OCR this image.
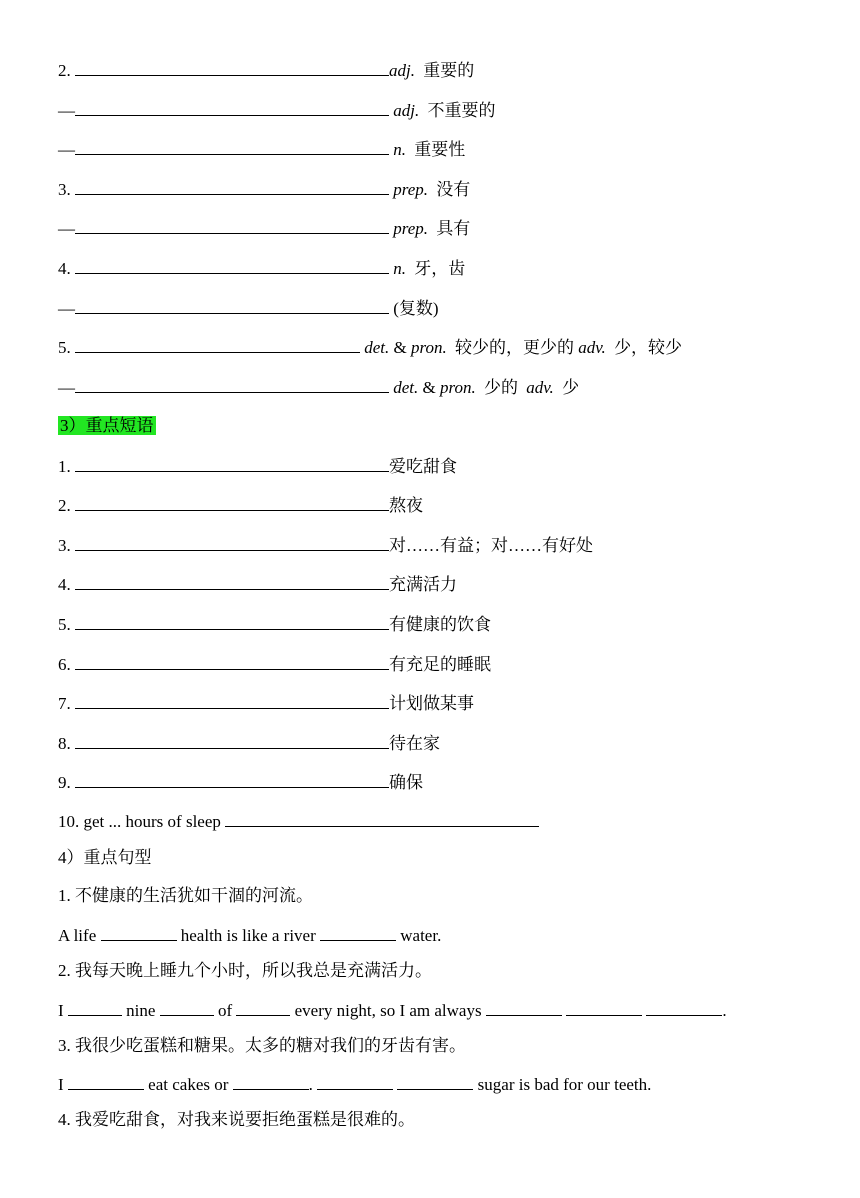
2.	adj. 重要的
—	adj. 不重要的
—	n. 重要性
3.	prep. 没有
—	prep. 具有
4.	n. 牙，齿
—	(复数)
5.	det. & pron. 较少的，更少的 adv. 少，较少
—	det. & pron. 少的 adv. 少
3）重点短语
1.	爱吃甜食
2.	熬夜
3.	对……有益；对……有好处
4.	充满活力
5.	有健康的饮食
6.	有充足的睡眠
7.	计划做某事
8.	待在家
9.	确保
10. get ... hours of sleep
4）重点句型
1. 不健康的生活犹如干涸的河流。
A life	health is like a river	water.
2. 我每天晚上睡九个小时，所以我总是充满活力。
I	nine	of	every night, so I am always	.
3. 我很少吃蛋糕和糖果。太多的糖对我们的牙齿有害。
I	eat cakes or	.	sugar is bad for our teeth.
4. 我爱吃甜食，对我来说要拒绝蛋糕是很难的。
